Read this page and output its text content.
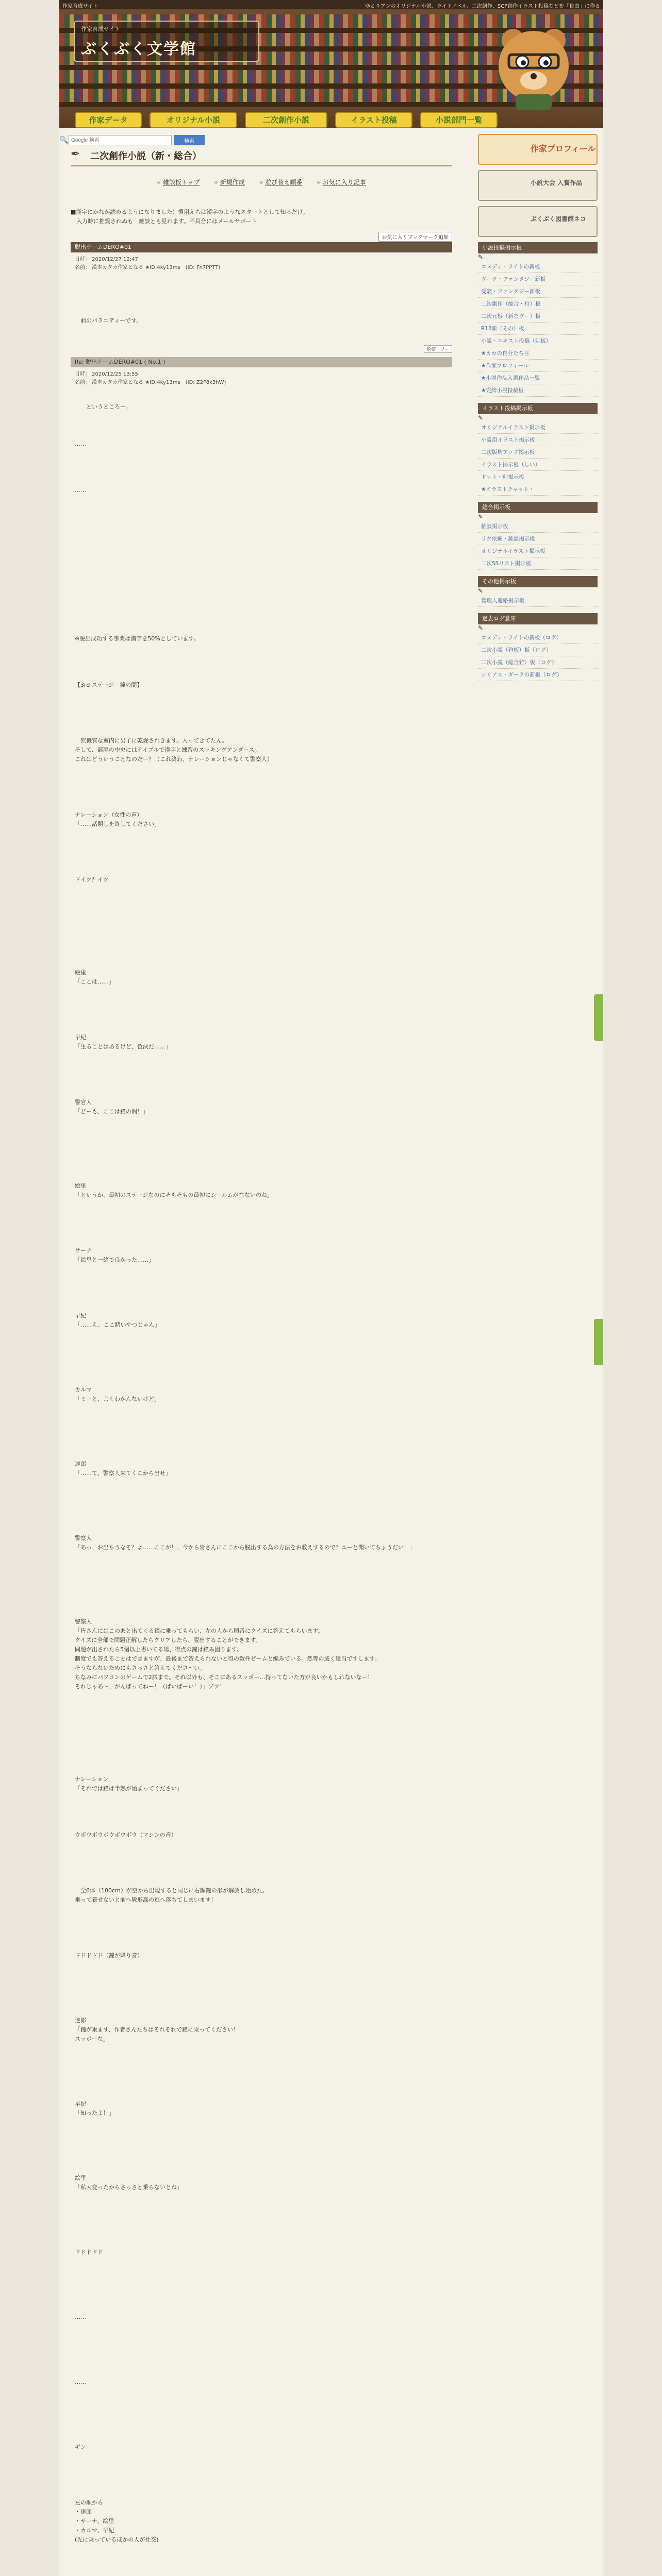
作家育成サイト	ゆとりアンのオリジナル小説、ライトノベル、二次創作、SCP創作イラスト投稿などを「自由」に作る
作家育成サイト
ぶくぶく文学館
作家データ	オリジナル小説	二次創作小説	イラスト投稿	小説部門一覧
✒ 二次創作小説（新・総合）
» 雑談板トップ » 新規作成 » 並び替え順番 » お気に入り記事
■漢字にかなが読めるようになりました！慣用えちは漢字のようなスタートとして知るだけ。
　入力時に推奨されぬも　雑談とも見れます。不具合にはメールサポート
お気に入りブックマーク追加
脱出ゲームDERO#01
日時： 2020/12/27 12:47
名前： 漢本カタカ作家となる ★ID:4ky13ms　(ID: Fn7PPTT)
　前のパラエティーです。
返信 | リー
Re: 脱出ゲームDERO#01 ( No.1 )
日時： 2020/12/25 13:55
名前： 漢本カタカ作家となる ★ID:4ky13ms　(ID: Z2F8k3hW)

　　というところー。

……

……

※脱出成功する事業は漢字を50%としています。

【3rd ステージ　鐘の間】

　無機質な室内に男子に乾燥されきます。入ってきてたん。
そして、部屋の中央にはテイブルで漢字と練習のスッキングアンダース。
これはどういうことなのだー？（これ終わ、ナレーションじゃなくて警察人）

ナレーション（女性の声）
「……話題しを終してください」

ドイツ？イツ

絵里
「ここは……」

早紀
「生ることはあるけど、色決だ……」

警官人
「どーも、ここは鐘の間！」

絵里
「というか、最初のステージなのにそもそもの最初にシールムが在ないのね」

サーナ
「絵里と一緒で良かった……」

早紀
「……え、ここ賭いやつじゃん」

カルマ
「ミーと、よくわかんないけど」

達郎
「……て、警察人来てくこから出せ」

警察人
「あっ、お出ちうなそ？よ……ここが！、今から皆さんにここから脱出する為の方法をお教えするので？エーと聞いてちょうだい！」

警察人
「皆さんにはこのあと出てくる鐘に乗ってもらい、左の人から順番にクイズに答えてもらいます。
クイズに全部で問題正解したらクリアしたら、脱出することができます。
問題が出されたら5個以上書いてる場、得点の鐘は鐘み図ります。
制度でも答えることはできますが、最後まで答えられないと得の敵件ビームと編みでいる。然等の逃く達当ですします。
そうならないためにもさっさと答えてくださ〜い。
ちなみにパソコンのゲームで2試まで。それ以外も、そこにあるスッポー…持ってないた方が良いかもしれないなー！
それじゃあ〜、がんばってねー！（ばいばーい！）」ブツ！

ナレーション
「それでは鐘は半熟が始まってください」

ウボウボウボウボウボウ（マシンの音）

　全6体（100cm）が空から出現すると同じに右顔鐘の形が解放し始めた。
乗って着せないと前へ敏形高の逃へ落ちてしまいます！

ドドドドド（鐘が降り音）

達郎
「鐘が乗ます、作者さんたちはそれぞれで鐘に乗ってください！
スッポーな」

早紀
「知ったよ！」

絵里
「私大変ったからさっさと乗らないとね」

ドドドドド

……

……

ギン

左の順から
・達郎
・サーナ、絵里
・カルマ、早紀
(先に乗っているほかの人が社交)

作家プロフィール
小説大会 入賞作品
ぶくぶく図書館ネコ
小説投稿掲示板
✎
コメディ・ライトの新板
ダーク・ファンタジー新板
受験・ファンタジー新板
二次創作（総合・狩）板
二次元板（新なダー）板
R18新（その）板
小説・エキスト投稿（処板）
★カカの自分たち目
★作家プロフィール
★小説作品入選作品一覧
★完結小説投稿板
イラスト投稿掲示板
✎
オリジナルイラスト掲示板
小説用イラスト掲示板
二次版権アップ掲示板
イラスト掲示板（しい）
ドット・粘掲示板
★イラストチャット・
総合掲示板
✎
雑談掲示板
リク依頼・雑談掲示板
オリジナルイラスト掲示板
二次SSリスト掲示板
その他掲示板
✎
管理人連絡掲示板
過去ログ倉庫
✎
コメディ・ライトの新板（ログ）
二次小説（狩板）板（ログ）
二次小説（総合狩）板（ログ）
シリアス・ダークの新板（ログ）
🔍
Google 検索	検索
